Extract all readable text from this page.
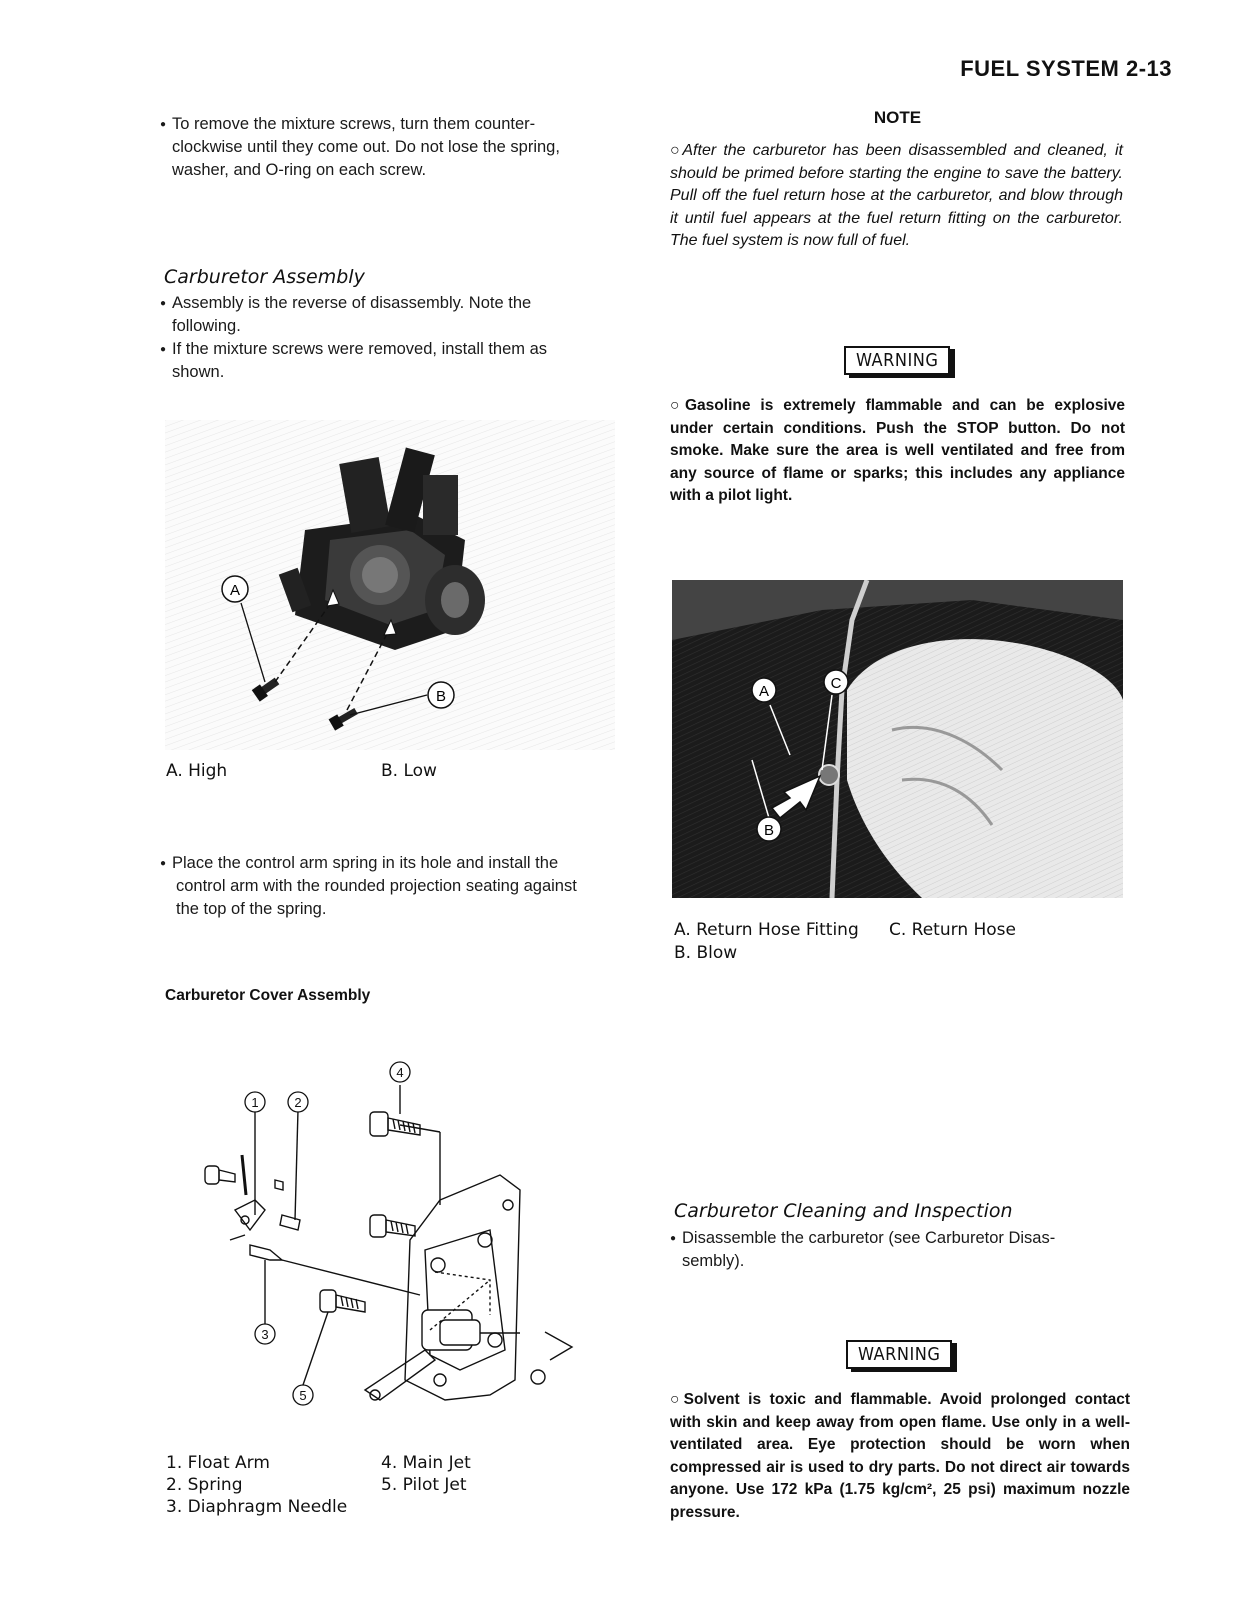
FUEL SYSTEM 2-13
● To remove the mixture screws, turn them counter-
clockwise until they come out. Do not lose the spring,
washer, and O-ring on each screw.
Carburetor Assembly
● Assembly is the reverse of disassembly. Note the
following.
● If the mixture screws were removed, install them as
shown.
A
B
A. High	B. Low
● Place the control arm spring in its hole and install the
control arm with the rounded projection seating against
the top of the spring.
Carburetor Cover Assembly
1	2
3
4
5
1. Float Arm
2. Spring
3. Diaphragm Needle
4. Main Jet
5. Pilot Jet
NOTE
○After the carburetor has been disassembled and cleaned, it should be primed before starting the engine to save the battery. Pull off the fuel return hose at the carburetor, and blow through it until fuel appears at the fuel return fitting on the carburetor. The fuel system is now full of fuel.
WARNING
○Gasoline is extremely flammable and can be explosive under certain conditions. Push the STOP button. Do not smoke. Make sure the area is well ventilated and free from any source of flame or sparks; this includes any appliance with a pilot light.
A	C
B
A. Return Hose Fitting C. Return Hose
B. Blow
Carburetor Cleaning and Inspection
● Disassemble the carburetor (see Carburetor Disas-
sembly).
WARNING
○Solvent is toxic and flammable. Avoid prolonged contact with skin and keep away from open flame. Use only in a well-ventilated area. Eye protection should be worn when compressed air is used to dry parts. Do not direct air towards anyone. Use 172 kPa (1.75 kg/cm², 25 psi) maximum nozzle pressure.
